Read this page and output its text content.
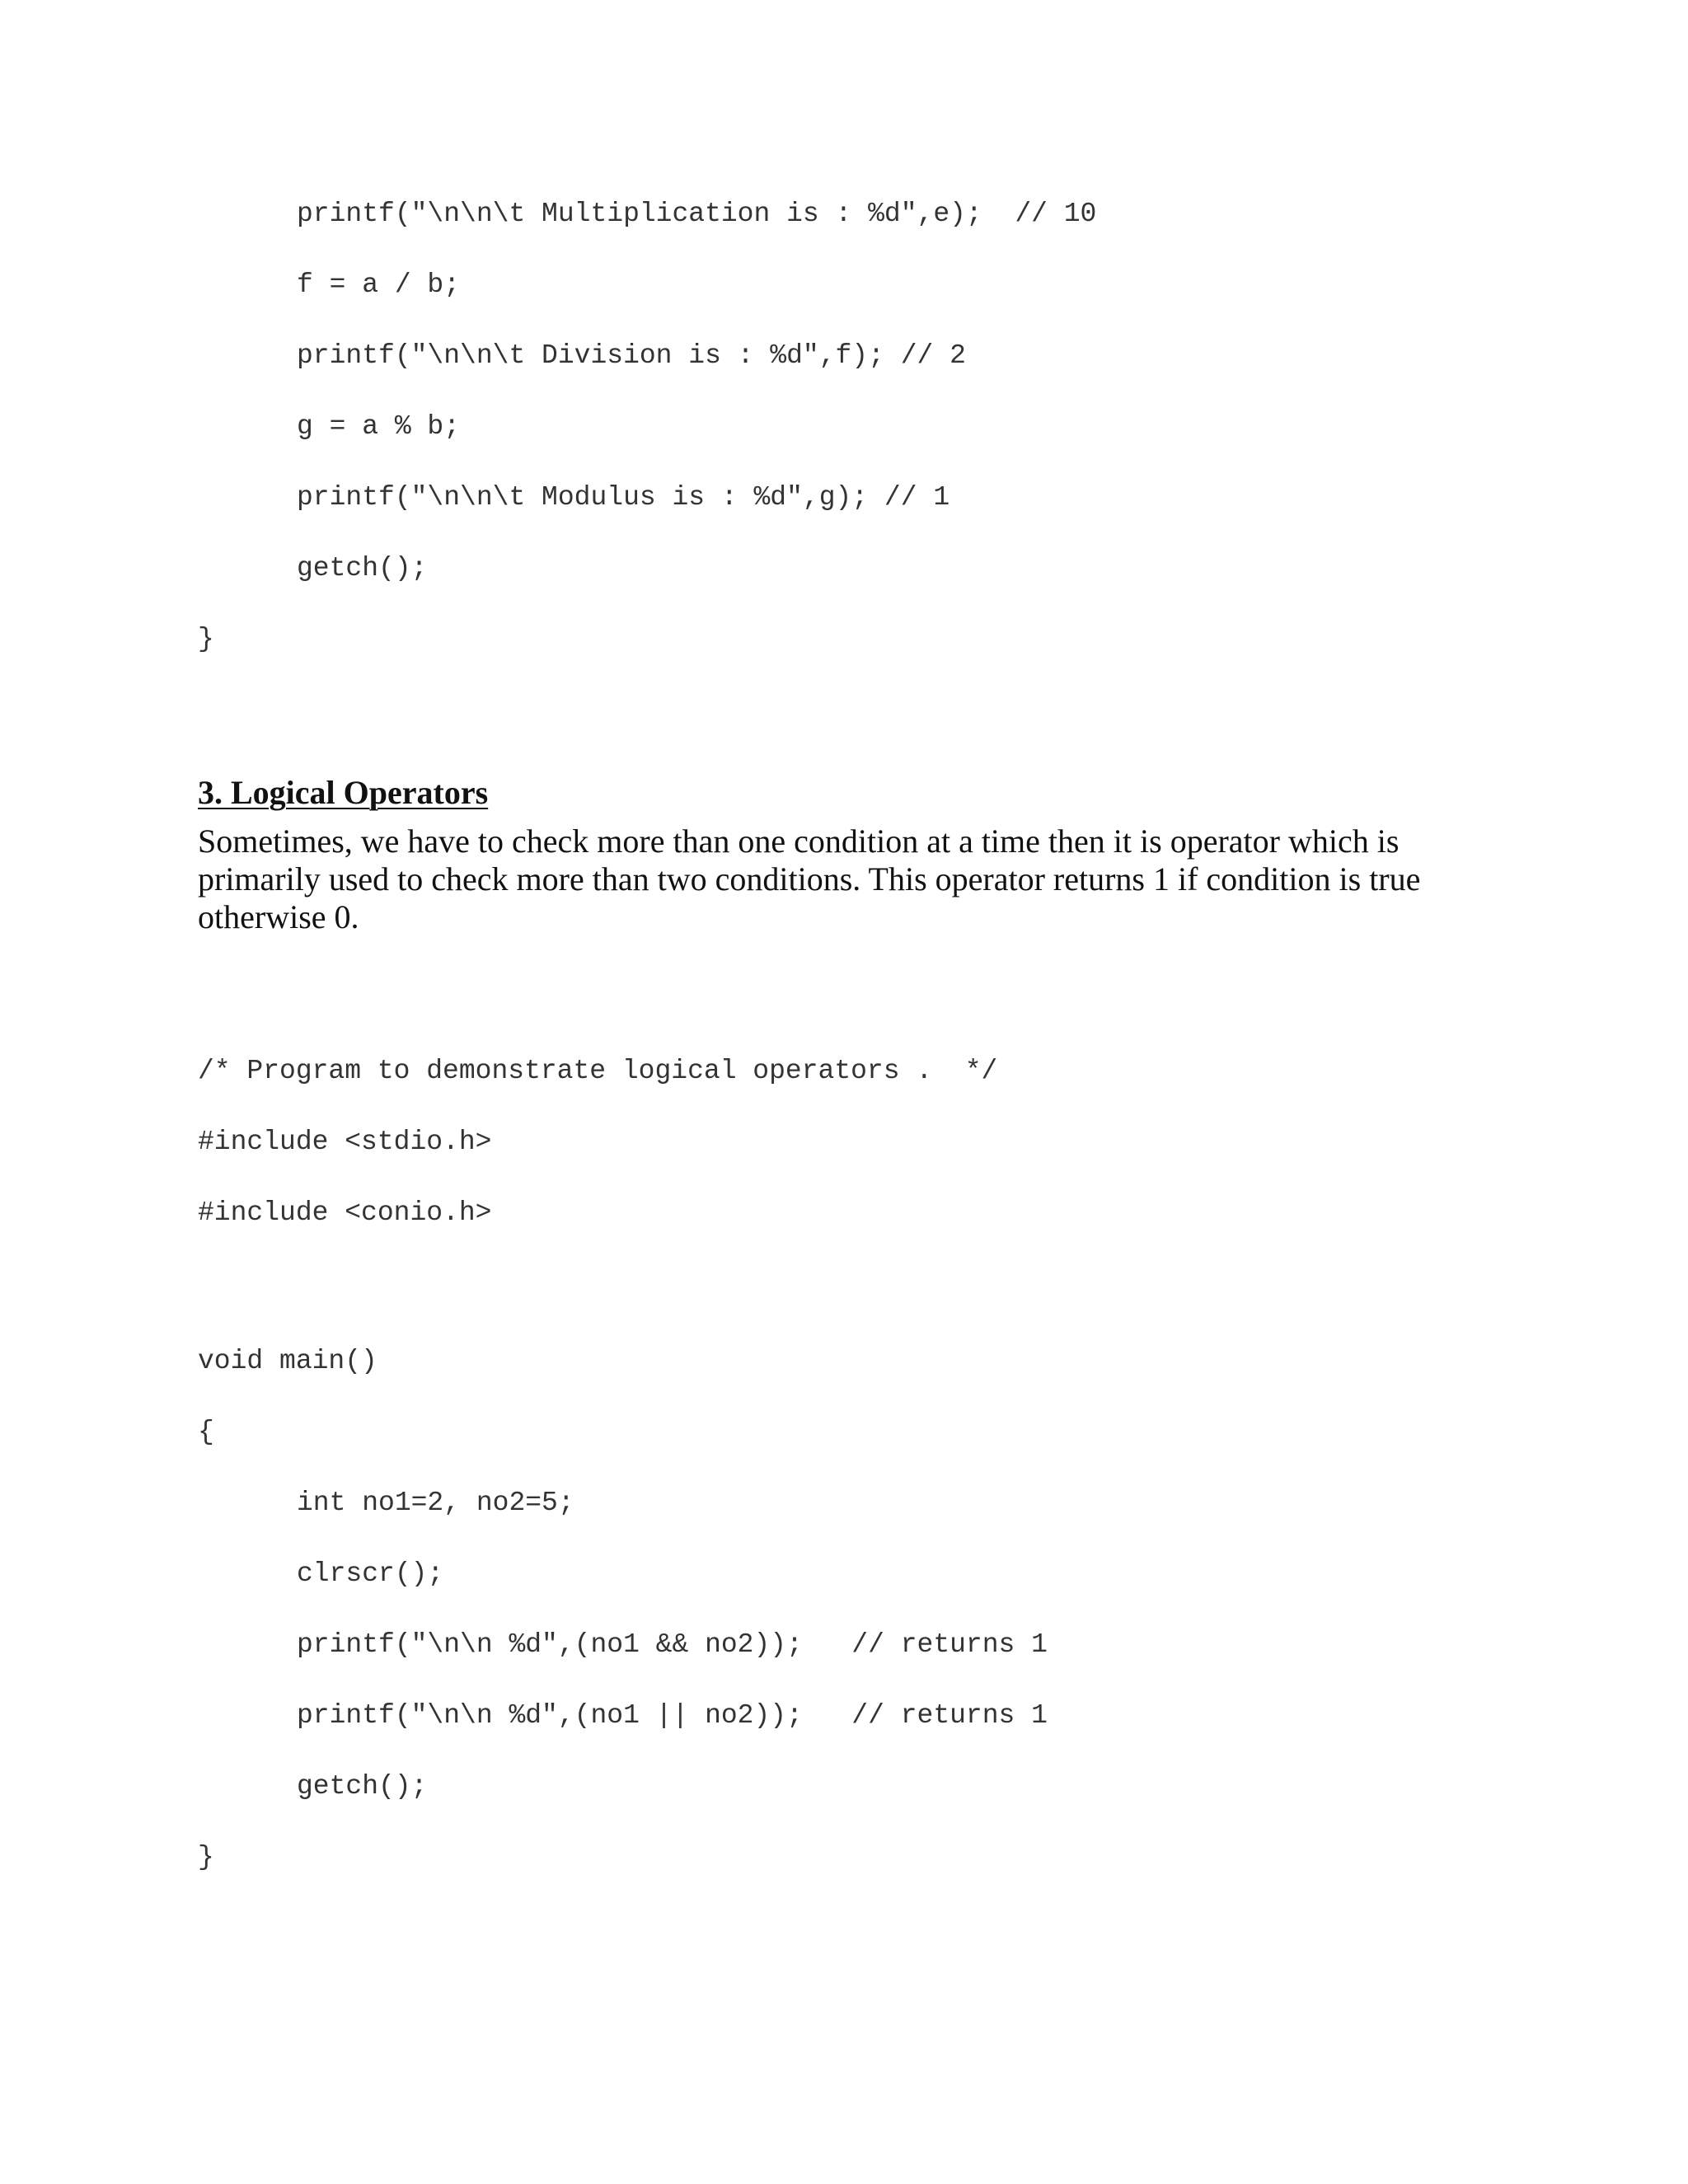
printf("\n\n\t Multiplication is : %d",e);  // 10

f = a / b;

printf("\n\n\t Division is : %d",f); // 2

g = a % b;

printf("\n\n\t Modulus is : %d",g); // 1

getch();

}

3. Logical Operators

Sometimes, we have to check more than one condition at a time then it is operator which is primarily used to check more than two conditions. This operator returns 1 if condition is true otherwise 0.

/* Program to demonstrate logical operators .  */

#include <stdio.h>

#include <conio.h>

void main()

{

int no1=2, no2=5;

clrscr();

printf("\n\n %d",(no1 && no2));   // returns 1

printf("\n\n %d",(no1 || no2));   // returns 1

getch();

}
